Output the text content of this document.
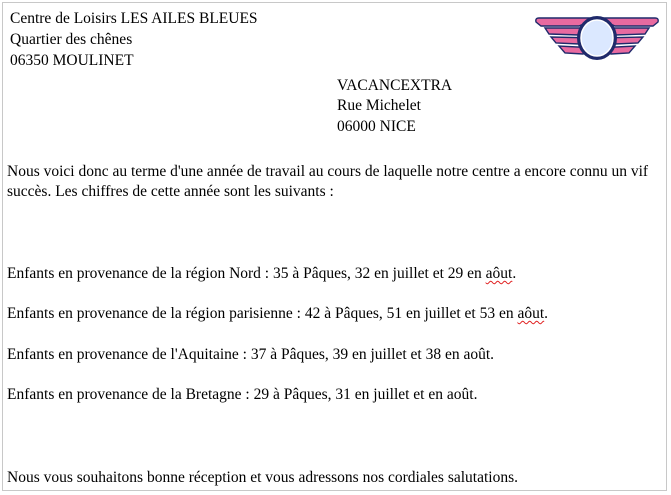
Centre de Loisirs LES AILES BLEUES
Quartier des chênes
06350 MOULINET
VACANCEXTRA
Rue Michelet
06000 NICE
Nous voici donc au terme d'une année de travail au cours de laquelle notre centre a encore connu un vif succès. Les chiffres de cette année sont les suivants :
Enfants en provenance de la région Nord : 35 à Pâques, 32 en juillet et 29 en aôut.
Enfants en provenance de la région parisienne : 42 à Pâques, 51 en juillet et 53 en aôut.
Enfants en provenance de l'Aquitaine : 37 à Pâques, 39 en juillet et 38 en août.
Enfants en provenance de la Bretagne : 29 à Pâques, 31 en juillet et en août.
Nous vous souhaitons bonne réception et vous adressons nos cordiales salutations.
